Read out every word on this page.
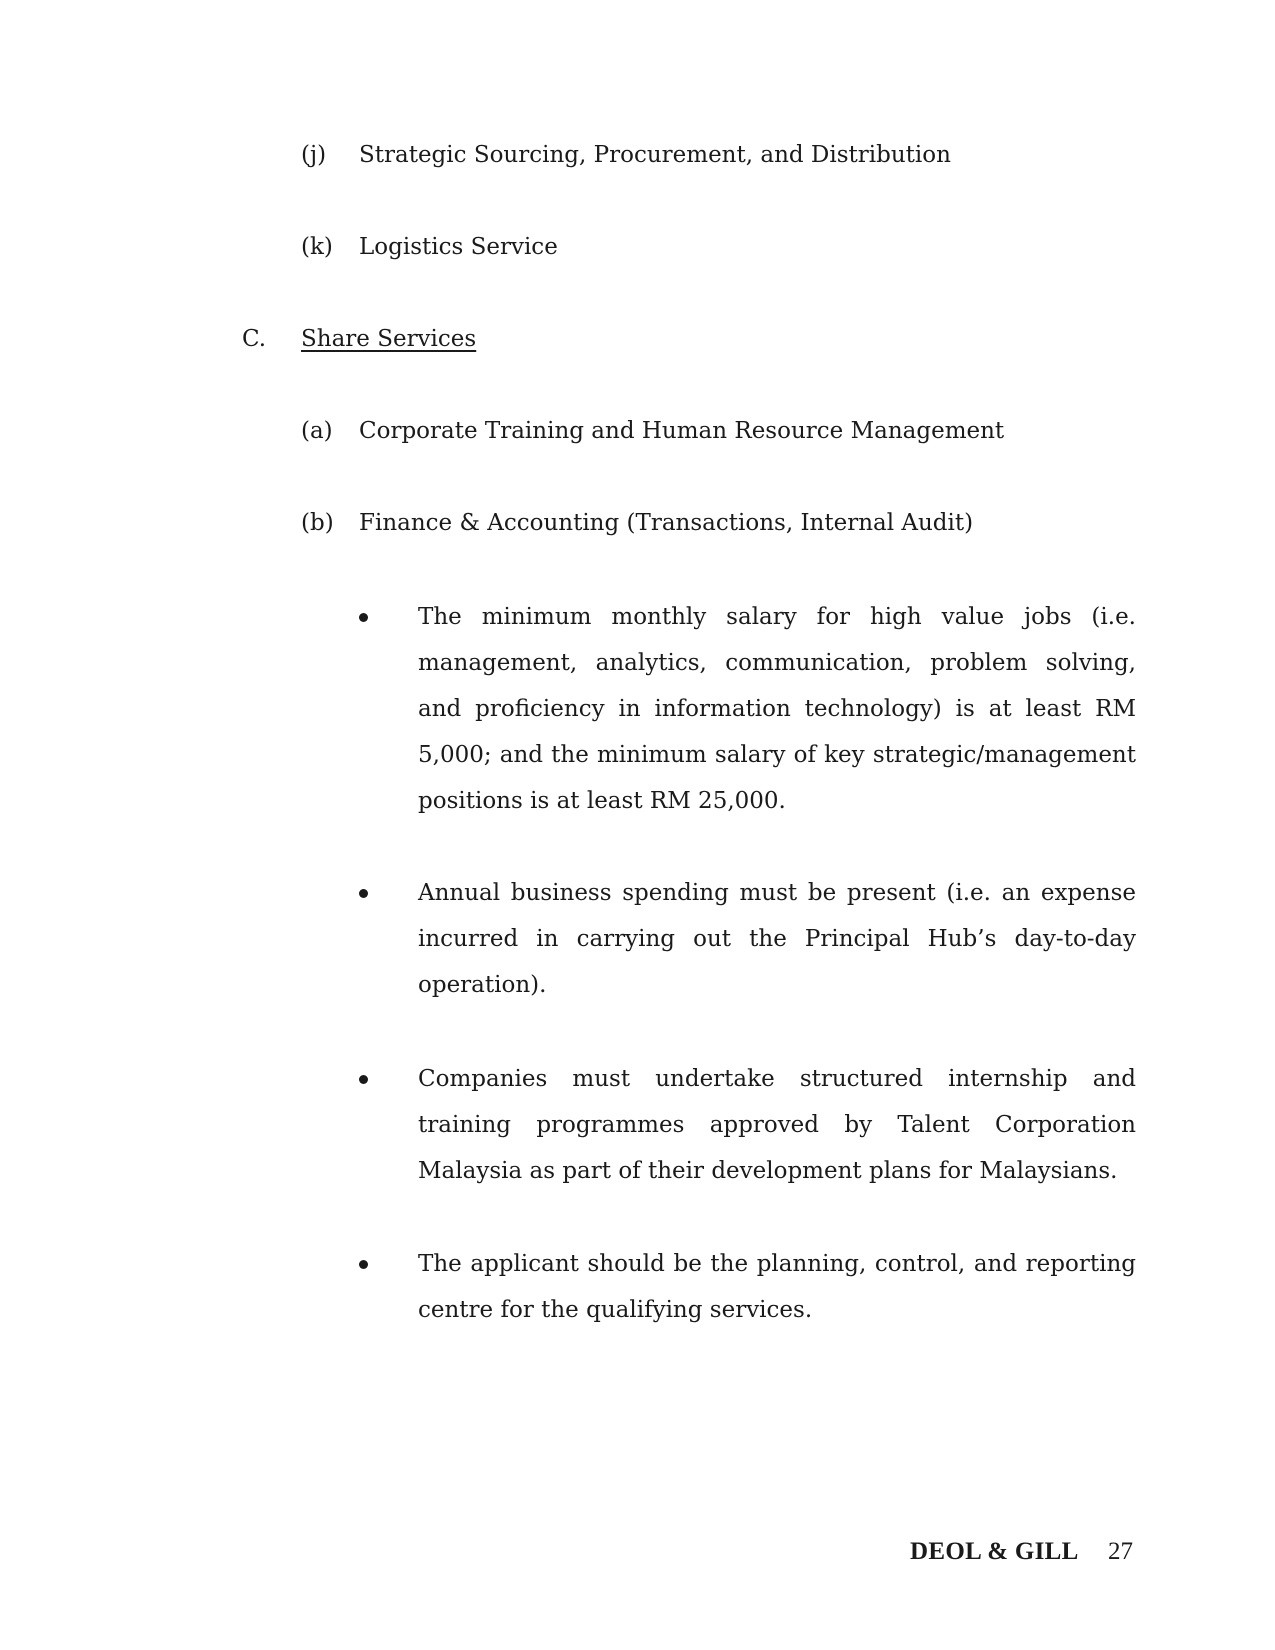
(j) Strategic Sourcing, Procurement, and Distribution
(k) Logistics Service
C. Share Services
(a) Corporate Training and Human Resource Management
(b) Finance & Accounting (Transactions, Internal Audit)
The minimum monthly salary for high value jobs (i.e. management, analytics, communication, problem solving, and proficiency in information technology) is at least RM 5,000; and the minimum salary of key strategic/management positions is at least RM 25,000.
Annual business spending must be present (i.e. an expense incurred in carrying out the Principal Hub’s day-to-day operation).
Companies must undertake structured internship and training programmes approved by Talent Corporation Malaysia as part of their development plans for Malaysians.
The applicant should be the planning, control, and reporting centre for the qualifying services.
DEOL & GILL 27
